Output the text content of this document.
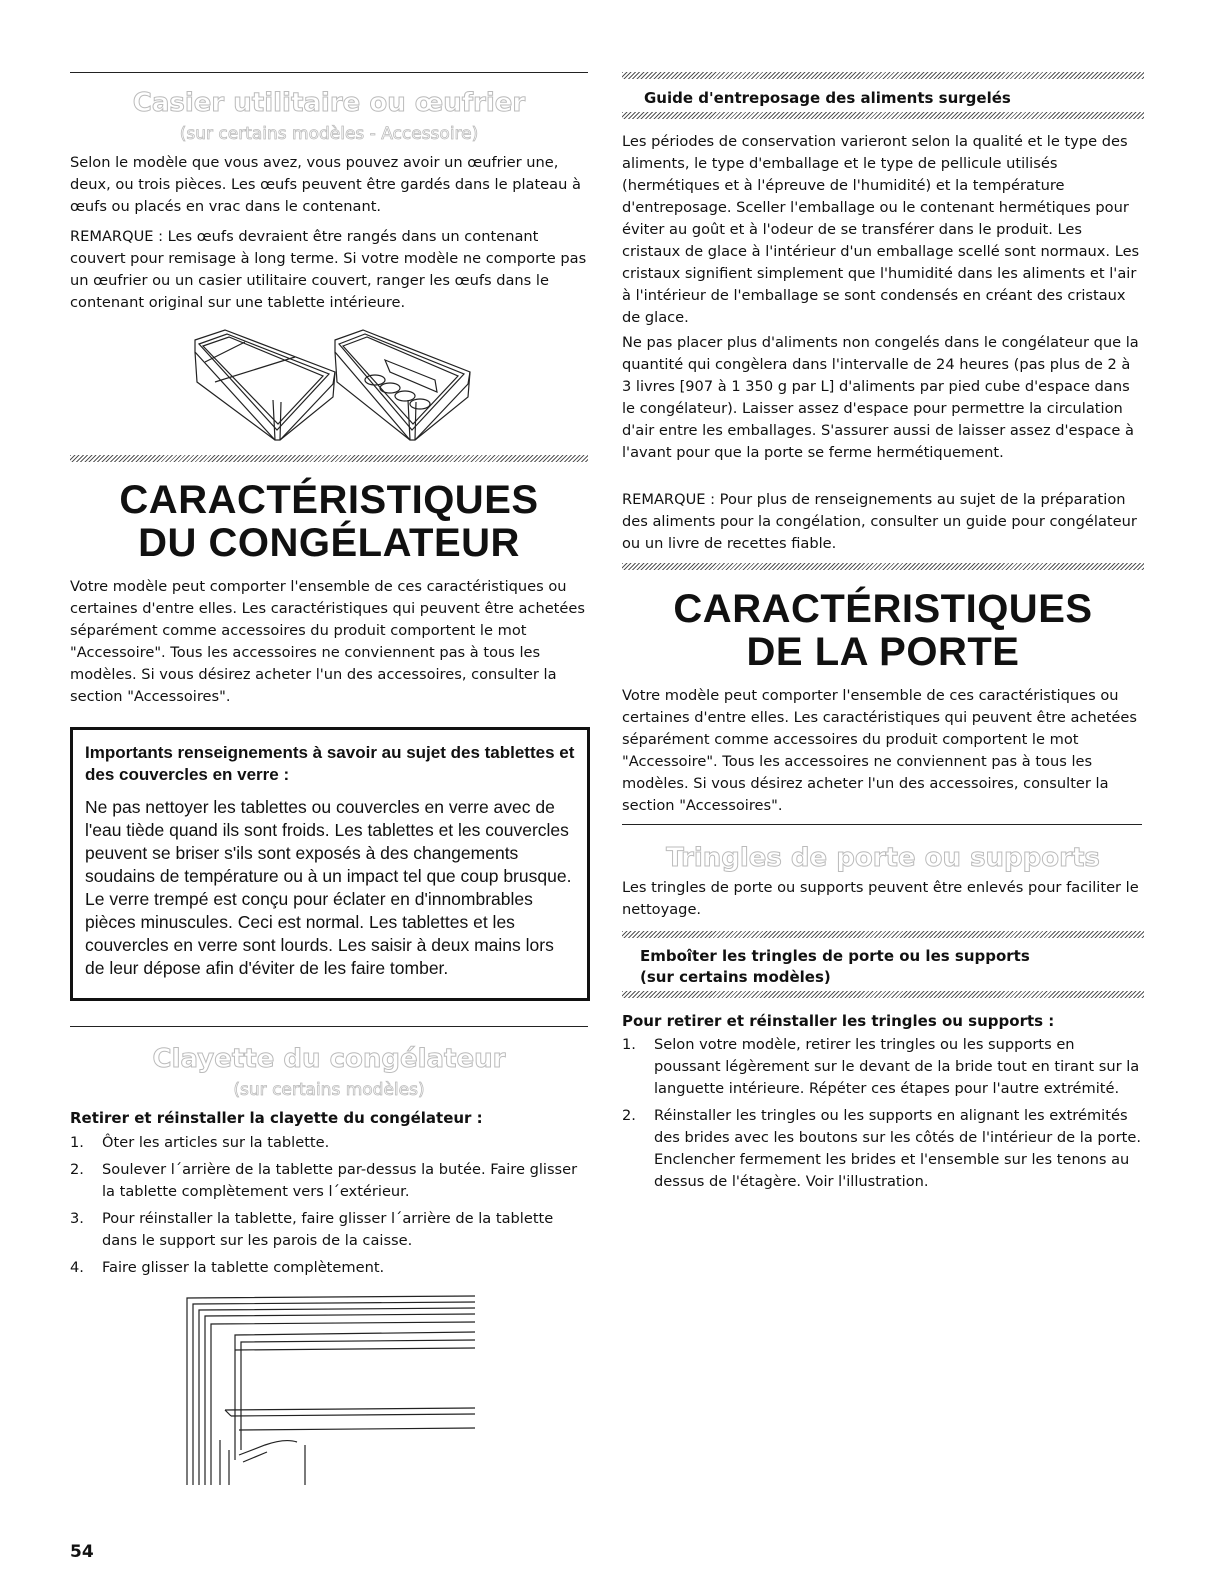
Casier utilitaire ou œufrier
(sur certains modèles - Accessoire)

Selon le modèle que vous avez, vous pouvez avoir un œufrier une, deux, ou trois pièces. Les œufs peuvent être gardés dans le plateau à œufs ou placés en vrac dans le contenant.

REMARQUE : Les œufs devraient être rangés dans un contenant couvert pour remisage à long terme. Si votre modèle ne comporte pas un œufrier ou un casier utilitaire couvert, ranger les œufs dans le contenant original sur une tablette intérieure.

CARACTÉRISTIQUES
DU CONGÉLATEUR

Votre modèle peut comporter l'ensemble de ces caractéristiques ou certaines d'entre elles. Les caractéristiques qui peuvent être achetées séparément comme accessoires du produit comportent le mot "Accessoire". Tous les accessoires ne conviennent pas à tous les modèles. Si vous désirez acheter l'un des accessoires, consulter la section "Accessoires".

Importants renseignements à savoir au sujet des tablettes et des couvercles en verre :

Ne pas nettoyer les tablettes ou couvercles en verre avec de l'eau tiède quand ils sont froids. Les tablettes et les couvercles peuvent se briser s'ils sont exposés à des changements soudains de température ou à un impact tel que coup brusque. Le verre trempé est conçu pour éclater en d'innombrables pièces minuscules. Ceci est normal. Les tablettes et les couvercles en verre sont lourds. Les saisir à deux mains lors de leur dépose afin d'éviter de les faire tomber.

Clayette du congélateur
(sur certains modèles)

Retirer et réinstaller la clayette du congélateur :

1. Ôter les articles sur la tablette.
2. Soulever l´arrière de la tablette par-dessus la butée. Faire glisser la tablette complètement vers l´extérieur.
3. Pour réinstaller la tablette, faire glisser l´arrière de la tablette dans le support sur les parois de la caisse.
4. Faire glisser la tablette complètement.
54

Guide d'entreposage des aliments surgelés

Les périodes de conservation varieront selon la qualité et le type des aliments, le type d'emballage et le type de pellicule utilisés (hermétiques et à l'épreuve de l'humidité) et la température d'entreposage. Sceller l'emballage ou le contenant hermétiques pour éviter au goût et à l'odeur de se transférer dans le produit. Les cristaux de glace à l'intérieur d'un emballage scellé sont normaux. Les cristaux signifient simplement que l'humidité dans les aliments et l'air à l'intérieur de l'emballage se sont condensés en créant des cristaux de glace.

Ne pas placer plus d'aliments non congelés dans le congélateur que la quantité qui congèlera dans l'intervalle de 24 heures (pas plus de 2 à 3 livres [907 à 1 350 g par L] d'aliments par pied cube d'espace dans le congélateur). Laisser assez d'espace pour permettre la circulation d'air entre les emballages. S'assurer aussi de laisser assez d'espace à l'avant pour que la porte se ferme hermétiquement.

REMARQUE : Pour plus de renseignements au sujet de la préparation des aliments pour la congélation, consulter un guide pour congélateur ou un livre de recettes fiable.

CARACTÉRISTIQUES
DE LA PORTE

Votre modèle peut comporter l'ensemble de ces caractéristiques ou certaines d'entre elles. Les caractéristiques qui peuvent être achetées séparément comme accessoires du produit comportent le mot "Accessoire". Tous les accessoires ne conviennent pas à tous les modèles. Si vous désirez acheter l'un des accessoires, consulter la section "Accessoires".

Tringles de porte ou supports

Les tringles de porte ou supports peuvent être enlevés pour faciliter le nettoyage.

Emboîter les tringles de porte ou les supports

(sur certains modèles)

Pour retirer et réinstaller les tringles ou supports :

1. Selon votre modèle, retirer les tringles ou les supports en poussant légèrement sur le devant de la bride tout en tirant sur la languette intérieure. Répéter ces étapes pour l'autre extrémité.
2. Réinstaller les tringles ou les supports en alignant les extrémités des brides avec les boutons sur les côtés de l'intérieur de la porte. Enclencher fermement les brides et l'ensemble sur les tenons au dessus de l'étagère. Voir l'illustration.
